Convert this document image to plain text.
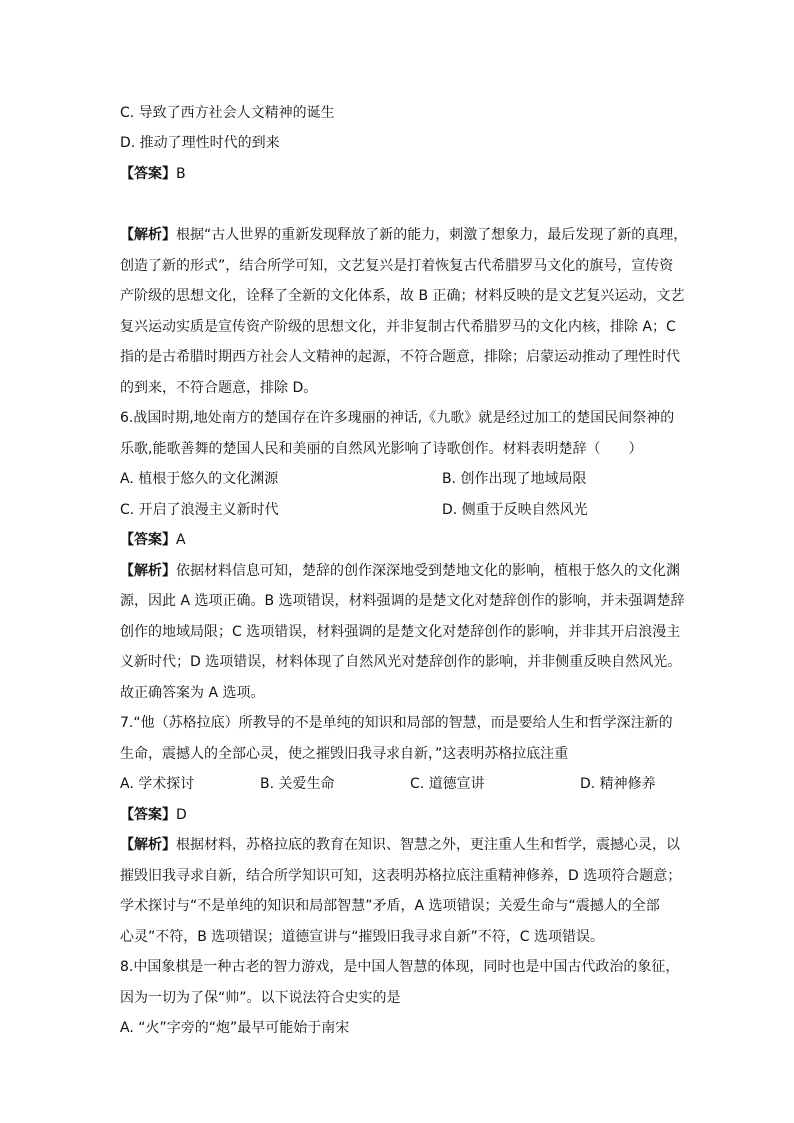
C. 导致了西方社会人文精神的诞生
D. 推动了理性时代的到来
【答案】B
【解析】根据“古人世界的重新发现释放了新的能力，刺激了想象力，最后发现了新的真理，
创造了新的形式”，结合所学可知，文艺复兴是打着恢复古代希腊罗马文化的旗号，宣传资
产阶级的思想文化，诠释了全新的文化体系，故 B 正确；材料反映的是文艺复兴运动，文艺
复兴运动实质是宣传资产阶级的思想文化，并非复制古代希腊罗马的文化内核，排除 A；C
指的是古希腊时期西方社会人文精神的起源，不符合题意，排除；启蒙运动推动了理性时代
的到来，不符合题意，排除 D。
6.战国时期,地处南方的楚国存在许多瑰丽的神话,《九歌》就是经过加工的楚国民间祭神的
乐歌,能歌善舞的楚国人民和美丽的自然风光影响了诗歌创作。材料表明楚辞（　　）
A. 植根于悠久的文化渊源	B. 创作出现了地域局限
C. 开启了浪漫主义新时代	D. 侧重于反映自然风光
【答案】A
【解析】依据材料信息可知，楚辞的创作深深地受到楚地文化的影响，植根于悠久的文化渊
源，因此 A 选项正确。B 选项错误，材料强调的是楚文化对楚辞创作的影响，并未强调楚辞
创作的地域局限；C 选项错误，材料强调的是楚文化对楚辞创作的影响，并非其开启浪漫主
义新时代；D 选项错误，材料体现了自然风光对楚辞创作的影响，并非侧重反映自然风光。
故正确答案为 A 选项。
7.“他（苏格拉底）所教导的不是单纯的知识和局部的智慧，而是要给人生和哲学深注新的
生命，震撼人的全部心灵，使之摧毁旧我寻求自新，”这表明苏格拉底注重
A. 学术探讨	B. 关爱生命	C. 道德宣讲	D. 精神修养
【答案】D
【解析】根据材料，苏格拉底的教育在知识、智慧之外，更注重人生和哲学，震撼心灵，以
摧毁旧我寻求自新，结合所学知识可知，这表明苏格拉底注重精神修养，D 选项符合题意；
学术探讨与“不是单纯的知识和局部智慧”矛盾，A 选项错误；关爱生命与“震撼人的全部
心灵”不符，B 选项错误；道德宣讲与“摧毁旧我寻求自新”不符，C 选项错误。
8.中国象棋是一种古老的智力游戏，是中国人智慧的体现，同时也是中国古代政治的象征，
因为一切为了保“帅”。以下说法符合史实的是
A. “火”字旁的“炮”最早可能始于南宋
